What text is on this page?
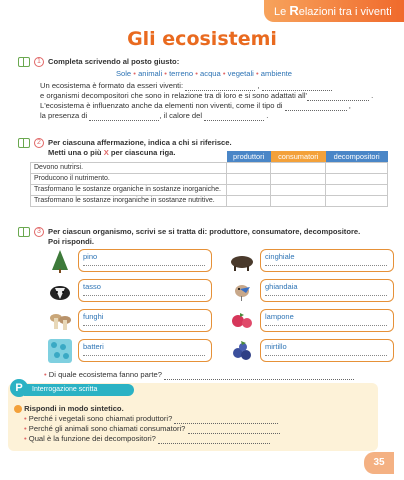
Le Relazioni tra i viventi
Gli ecosistemi
1 Completa scrivendo al posto giusto:
Sole • animali • terreno • acqua • vegetali • ambiente
Un ecosistema è formato da esseri viventi:	,
e organismi decompositori che sono in relazione tra di loro e si sono adattati all'	.
L'ecosistema è influenzato anche da elementi non viventi, come il tipo di	,
la presenza di	, il calore del	.
2 Per ciascuna affermazione, indica a chi si riferisce.
Metti una o più X per ciascuna riga.
		produttori	consumatori	decompositori
Devono nutrirsi.			
Producono il nutrimento.			
Trasformano le sostanze organiche in sostanze inorganiche.			
Trasformano le sostanze inorganiche in sostanze nutritive.			
3 Per ciascun organismo, scrivi se si tratta di: produttore, consumatore, decompositore.
Poi rispondi.
pino
tasso
funghi
batteri
cinghiale
ghiandaia
lampone
mirtillo
• Di quale ecosistema fanno parte?
Interrogazione scritta
P
Rispondi in modo sintetico.
• Perché i vegetali sono chiamati produttori?
• Perché gli animali sono chiamati consumatori?
• Qual è la funzione dei decompositori?
35
